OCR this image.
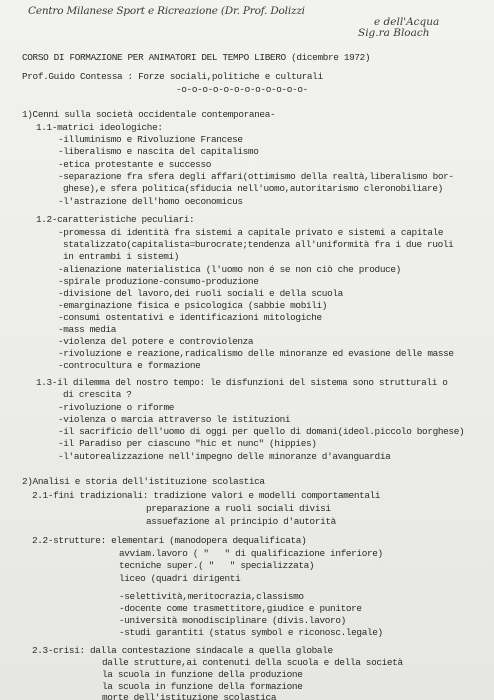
Centro Milanese Sport e Ricreazione (Dr. Prof. Dolizzi
e dell'Acqua
Sig.ra Bloach

CORSO DI FORMAZIONE PER ANIMATORI DEL TEMPO LIBERO (dicembre 1972)

Prof.Guido Contessa : Forze sociali,politiche e culturali

-o-o-o-o-o-o-o-o-o-o-o-o-

1)Cenni sulla società occidentale contemporanea-

1.1-matrici ideologiche:

-illuminismo e Rivoluzione Francese

-liberalismo e nascita del capitalismo

-etica protestante e successo

-separazione fra sfera degli affari(ottimismo della realtà,liberalismo bor-

ghese),e sfera politica(sfiducia nell'uomo,autoritarismo cleronobiliare)

-l'astrazione dell'homo oeconomicus

1.2-caratteristiche peculiari:

-promessa di identità fra sistemi a capitale privato e sistemi a capitale

statalizzato(capitalista=burocrate;tendenza all'uniformità fra i due ruoli

in entrambi i sistemi)

-alienazione materialistica (l'uomo non é se non ciò che produce)

-spirale produzione-consumo-produzione

-divisione del lavoro,dei ruoli sociali e della scuola

-emarginazione fisica e psicologica (sabbie mobili)

-consumi ostentativi e identificazioni mitologiche

-mass media

-violenza del potere e controviolenza

-rivoluzione e reazione,radicalismo delle minoranze ed evasione delle masse

-controcultura e formazione

1.3-il dilemma del nostro tempo: le disfunzioni del sistema sono strutturali o

di crescita ?

-rivoluzione o riforme

-violenza o marcia attraverso le istituzioni

-il sacrificio dell'uomo di oggi per quello di domani(ideol.piccolo borghese)

-il Paradiso per ciascuno "hic et nunc" (hippies)

-l'autorealizzazione nell'impegno delle minoranze d'avanguardia

2)Analisi e storia dell'istituzione scolastica

2.1-fini tradizionali: tradizione valori e modelli comportamentali

preparazione a ruoli sociali divisi

assuefazione al principio d'autorità

2.2-strutture: elementari (manodopera dequalificata)

avviam.lavoro ( "   " di qualificazione inferiore)

tecniche super.( "   " specializzata)

liceo (quadri dirigenti

-selettività,meritocrazia,classismo

-docente come trasmettitore,giudice e punitore

-università monodisciplinare (divis.lavoro)

-studi garantiti (status symbol e riconosc.legale)

2.3-crisi: dalla contestazione sindacale a quella globale

dalle strutture,ai contenuti della scuola e della società

la scuola in funzione della produzione

la scuola in funzione della formazione

morte dell'istituzione scolastica
